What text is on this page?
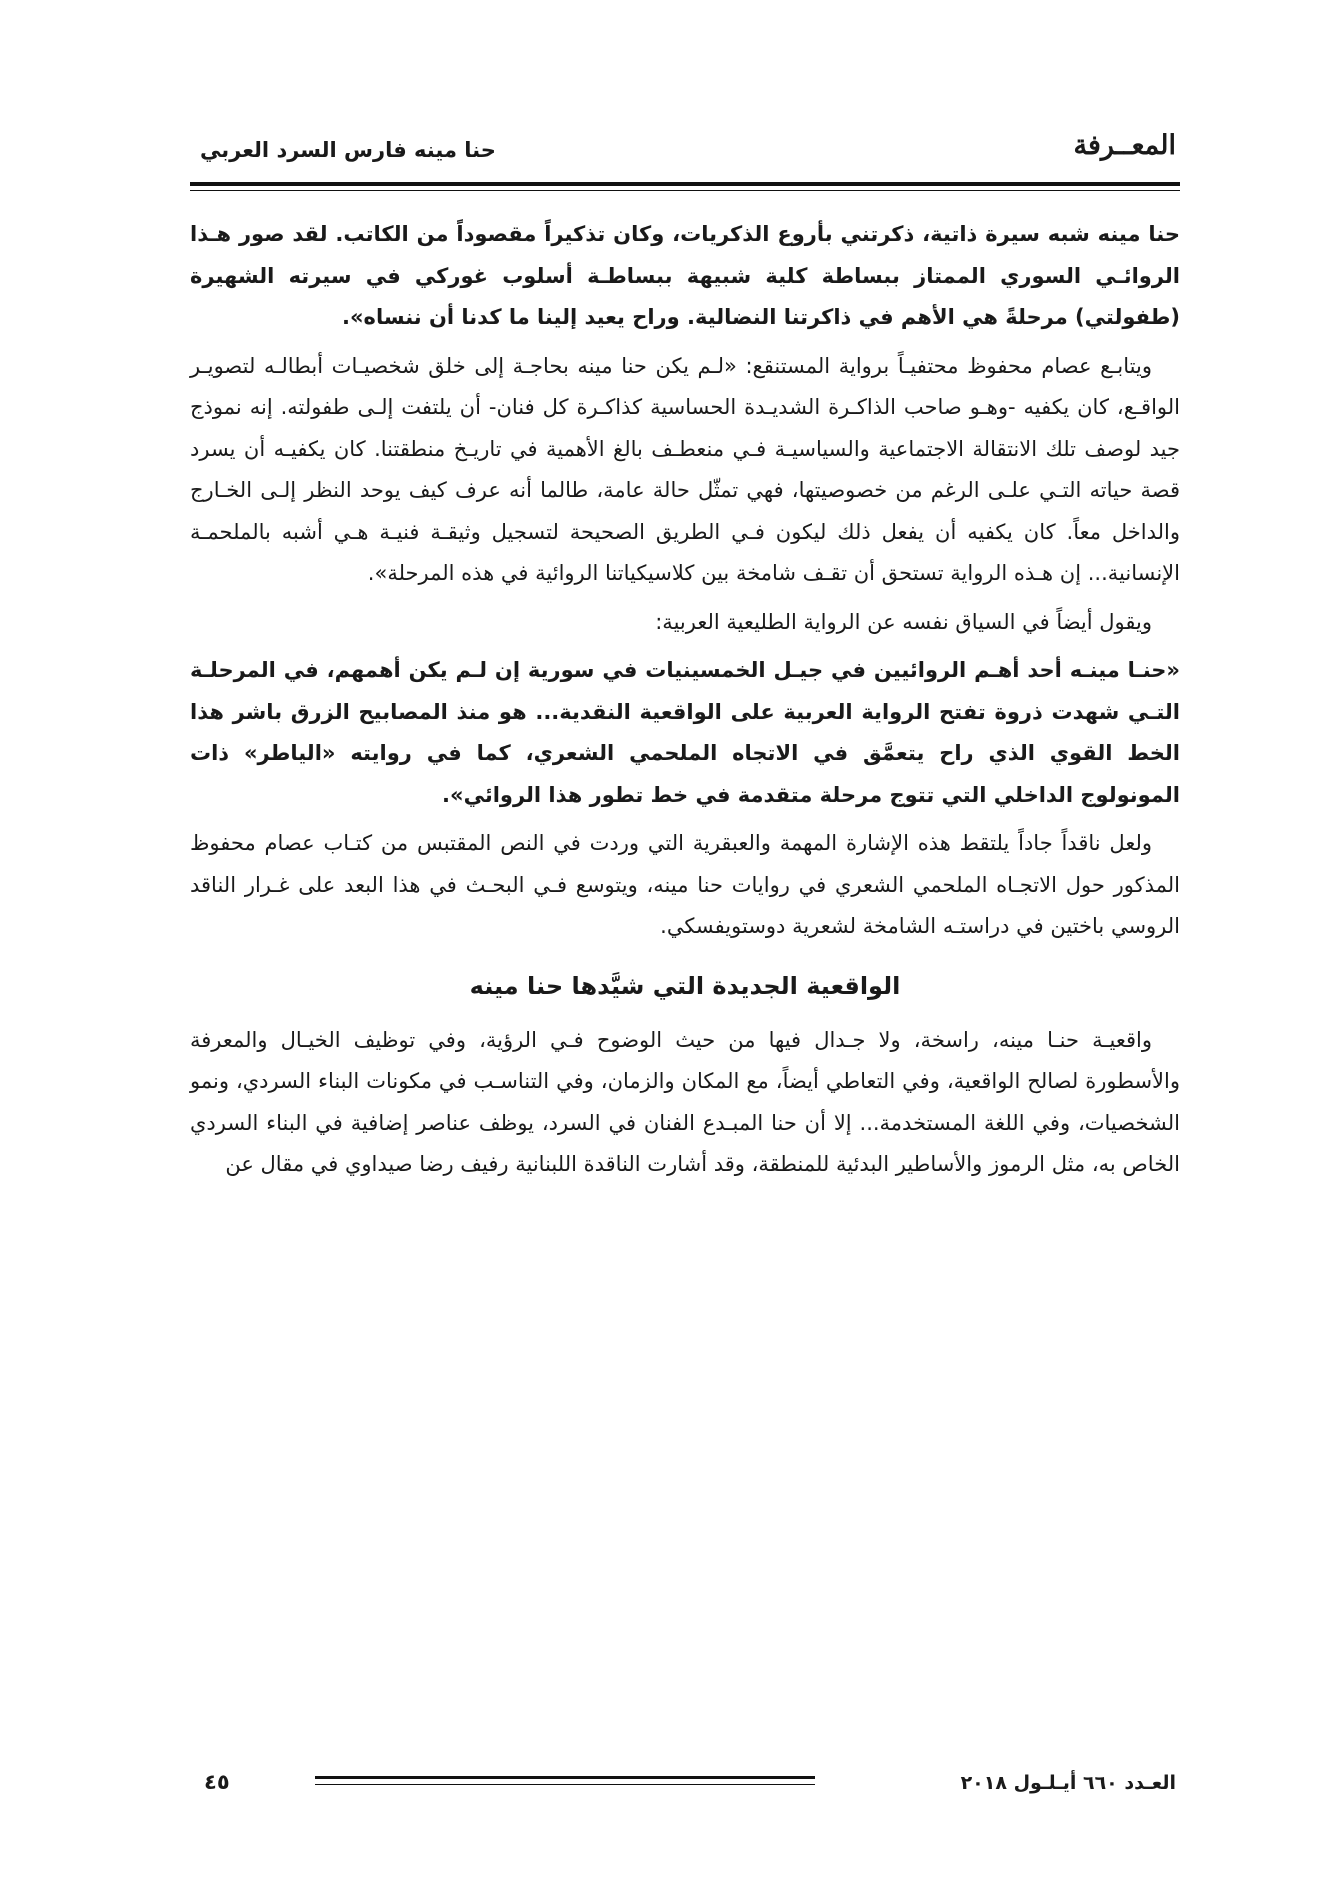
حنا مينه فارس السرد العربي	المعــرفة

حنا مينه شبه سيرة ذاتية، ذكرتني بأروع الذكريات، وكان تذكيراً مقصوداً من الكاتب. لقد صور هـذا الروائـي السوري الممتاز ببساطة كلية شبيهة ببساطـة أسلوب غوركي في سيرته الشهيرة (طفولتي) مرحلةً هي الأهم في ذاكرتنا النضالية. وراح يعيد إلينا ما كدنا أن ننساه».

ويتابـع عصام محفوظ محتفيـاً برواية المستنقع: «لـم يكن حنا مينه بحاجـة إلى خلق شخصيـات أبطالـه لتصويـر الواقـع، كان يكفيه -وهـو صاحب الذاكـرة الشديـدة الحساسية كذاكـرة كل فنان- أن يلتفت إلـى طفولته. إنه نموذج جيد لوصف تلك الانتقالة الاجتماعية والسياسيـة فـي منعطـف بالغ الأهمية في تاريـخ منطقتنا. كان يكفيـه أن يسرد قصة حياته التـي علـى الرغم من خصوصيتها، فهي تمثّل حالة عامة، طالما أنه عرف كيف يوحد النظر إلـى الخـارج والداخل معاً. كان يكفيه أن يفعل ذلك ليكون فـي الطريق الصحيحة لتسجيل وثيقـة فنيـة هـي أشبه بالملحمـة الإنسانية... إن هـذه الرواية تستحق أن تقـف شامخة بين كلاسيكياتنا الروائية في هذه المرحلة».

ويقول أيضاً في السياق نفسه عن الرواية الطليعية العربية:

«حنـا مينـه أحد أهـم الروائيين في جيـل الخمسينيات في سورية إن لـم يكن أهمهم، في المرحلـة التـي شهدت ذروة تفتح الرواية العربية على الواقعية النقدية... هو منذ المصابيح الزرق باشر هذا الخط القوي الذي راح يتعمَّق في الاتجاه الملحمي الشعري، كما في روايته «الياطر» ذات المونولوج الداخلي التي تتوج مرحلة متقدمة في خط تطور هذا الروائي».

ولعل ناقداً جاداً يلتقط هذه الإشارة المهمة والعبقرية التي وردت في النص المقتبس من كتـاب عصام محفوظ المذكور حول الاتجـاه الملحمي الشعري في روايات حنا مينه، ويتوسع فـي البحـث في هذا البعد على غـرار الناقد الروسي باختين في دراستـه الشامخة لشعرية دوستويفسكي.

الواقعية الجديدة التي شيَّدها حنا مينه

واقعيـة حنـا مينه، راسخة، ولا جـدال فيها من حيث الوضوح فـي الرؤية، وفي توظيف الخيـال والمعرفة والأسطورة لصالح الواقعية، وفي التعاطي أيضاً، مع المكان والزمان، وفي التناسـب في مكونات البناء السردي، ونمو الشخصيات، وفي اللغة المستخدمة... إلا أن حنا المبـدع الفنان في السرد، يوظف عناصر إضافية في البناء السردي الخاص به، مثل الرموز والأساطير البدئية للمنطقة، وقد أشارت الناقدة اللبنانية رفيف رضا صيداوي في مقال عن

٤٥	العـدد ٦٦٠ أيـلـول ٢٠١٨
